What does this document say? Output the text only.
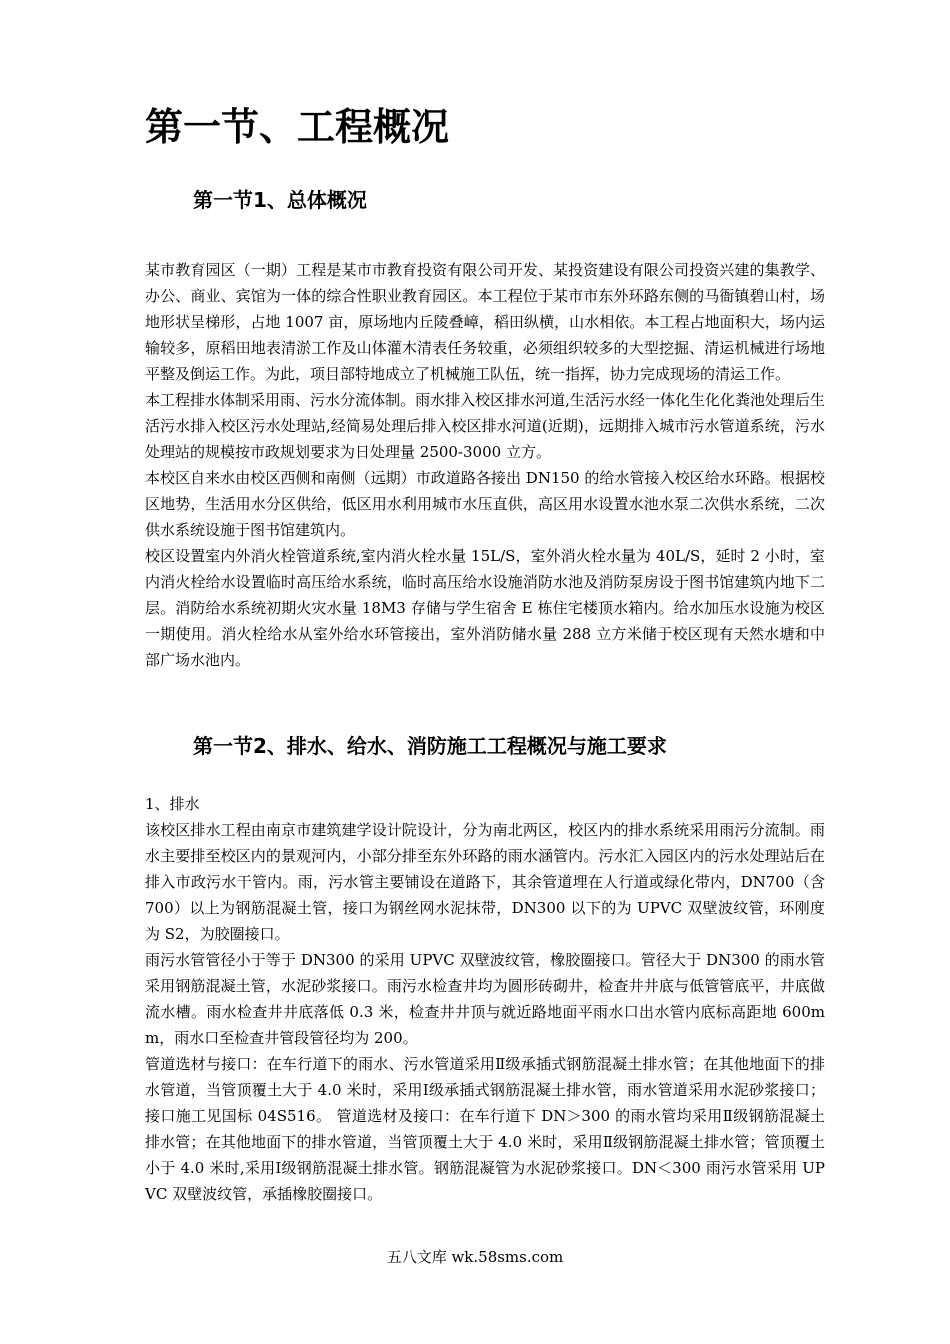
第一节、工程概况
第一节1、总体概况

某市教育园区（一期）工程是某市市教育投资有限公司开发、某投资建设有限公司投资兴建的集教学、办公、商业、宾馆为一体的综合性职业教育园区。本工程位于某市市东外环路东侧的马衙镇碧山村，场地形状呈梯形，占地 1007 亩，原场地内丘陵叠嶂，稻田纵横，山水相依。本工程占地面积大，场内运输较多，原稻田地表清淤工作及山体灌木清表任务较重，必须组织较多的大型挖掘、清运机械进行场地平整及倒运工作。为此，项目部特地成立了机械施工队伍，统一指挥，协力完成现场的清运工作。

本工程排水体制采用雨、污水分流体制。雨水排入校区排水河道,生活污水经一体化生化化粪池处理后生活污水排入校区污水处理站,经简易处理后排入校区排水河道(近期)，远期排入城市污水管道系统，污水处理站的规模按市政规划要求为日处理量 2500-3000 立方。

本校区自来水由校区西侧和南侧（远期）市政道路各接出 DN150 的给水管接入校区给水环路。根据校区地势，生活用水分区供给，低区用水利用城市水压直供，高区用水设置水池水泵二次供水系统，二次供水系统设施于图书馆建筑内。

校区设置室内外消火栓管道系统,室内消火栓水量 15L/S，室外消火栓水量为 40L/S，延时 2 小时，室内消火栓给水设置临时高压给水系统，临时高压给水设施消防水池及消防泵房设于图书馆建筑内地下二层。消防给水系统初期火灾水量 18M3 存储与学生宿舍 E 栋住宅楼顶水箱内。给水加压水设施为校区一期使用。消火栓给水从室外给水环管接出，室外消防储水量 288 立方米储于校区现有天然水塘和中部广场水池内。

第一节2、排水、给水、消防施工工程概况与施工要求

1、排水

该校区排水工程由南京市建筑建学设计院设计，分为南北两区，校区内的排水系统采用雨污分流制。雨水主要排至校区内的景观河内，小部分排至东外环路的雨水涵管内。污水汇入园区内的污水处理站后在排入市政污水干管内。雨，污水管主要铺设在道路下，其余管道埋在人行道或绿化带内，DN700（含 700）以上为钢筋混凝土管，接口为钢丝网水泥抹带，DN300 以下的为 UPVC 双壁波纹管，环刚度为 S2，为胶圈接口。

雨污水管管径小于等于 DN300 的采用 UPVC 双壁波纹管，橡胶圈接口。管径大于 DN300 的雨水管采用钢筋混凝土管，水泥砂浆接口。雨污水检查井均为圆形砖砌井，检查井井底与低管管底平，井底做流水槽。雨水检查井井底落低 0.3 米，检查井井顶与就近路地面平雨水口出水管内底标高距地 600mm，雨水口至检查井管段管径均为 200。

管道选材与接口：在车行道下的雨水、污水管道采用Ⅱ级承插式钢筋混凝土排水管；在其他地面下的排水管道，当管顶覆土大于 4.0 米时，采用Ⅰ级承插式钢筋混凝土排水管，雨水管道采用水泥砂浆接口；接口施工见国标 04S516。 管道选材及接口：在车行道下 DN＞300 的雨水管均采用Ⅱ级钢筋混凝土排水管；在其他地面下的排水管道，当管顶覆土大于 4.0 米时，采用Ⅱ级钢筋混凝土排水管；管顶覆土小于 4.0 米时,采用Ⅰ级钢筋混凝土排水管。钢筋混凝管为水泥砂浆接口。DN＜300 雨污水管采用 UPVC 双壁波纹管，承插橡胶圈接口。

五八文库 wk.58sms.com
